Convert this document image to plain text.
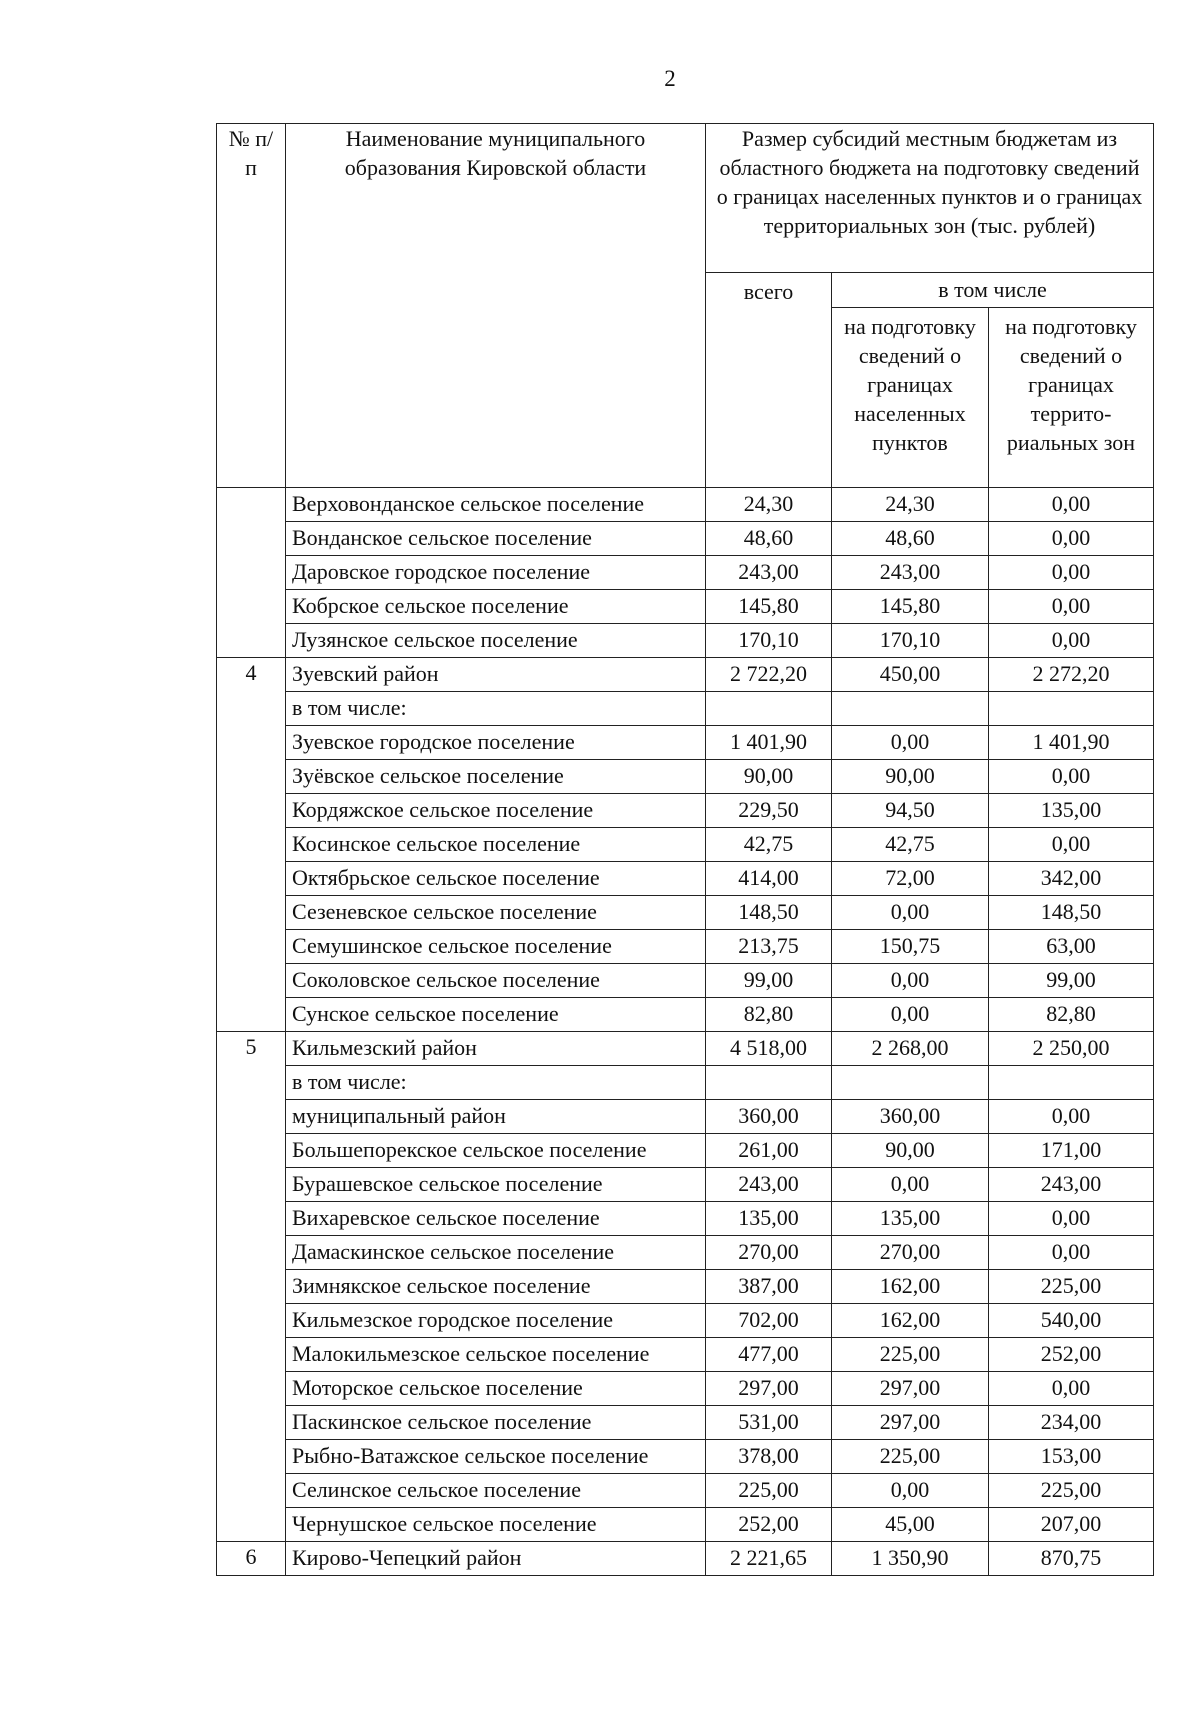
2
№ п/п	Наименование муниципального образования Кировской области	Размер субсидий местным бюджетам из областного бюджета на подготовку сведений о границах населенных пунктов и о границах территориальных зон (тыс. рублей)		
		всего	в том числе	
			на подготовку сведений о границах населенных пунктов	на подготовку сведений о границах террито-риальных зон
	Верховонданское сельское поселение	24,30	24,30	0,00
	Вонданское сельское поселение	48,60	48,60	0,00
	Даровское городское поселение	243,00	243,00	0,00
	Кобрское сельское поселение	145,80	145,80	0,00
	Лузянское сельское поселение	170,10	170,10	0,00
4	Зуевский район	2 722,20	450,00	2 272,20
	в том числе:			
	Зуевское городское поселение	1 401,90	0,00	1 401,90
	Зуёвское сельское поселение	90,00	90,00	0,00
	Кордяжское сельское поселение	229,50	94,50	135,00
	Косинское сельское поселение	42,75	42,75	0,00
	Октябрьское сельское поселение	414,00	72,00	342,00
	Сезеневское сельское поселение	148,50	0,00	148,50
	Семушинское сельское поселение	213,75	150,75	63,00
	Соколовское сельское поселение	99,00	0,00	99,00
	Сунское сельское поселение	82,80	0,00	82,80
5	Кильмезский район	4 518,00	2 268,00	2 250,00
	в том числе:			
	муниципальный район	360,00	360,00	0,00
	Большепорекское сельское поселение	261,00	90,00	171,00
	Бурашевское сельское поселение	243,00	0,00	243,00
	Вихаревское сельское поселение	135,00	135,00	0,00
	Дамаскинское сельское поселение	270,00	270,00	0,00
	Зимнякское сельское поселение	387,00	162,00	225,00
	Кильмезское городское поселение	702,00	162,00	540,00
	Малокильмезское сельское поселение	477,00	225,00	252,00
	Моторское сельское поселение	297,00	297,00	0,00
	Паскинское сельское поселение	531,00	297,00	234,00
	Рыбно-Ватажское сельское поселение	378,00	225,00	153,00
	Селинское сельское поселение	225,00	0,00	225,00
	Чернушское сельское поселение	252,00	45,00	207,00
6	Кирово-Чепецкий район	2 221,65	1 350,90	870,75
